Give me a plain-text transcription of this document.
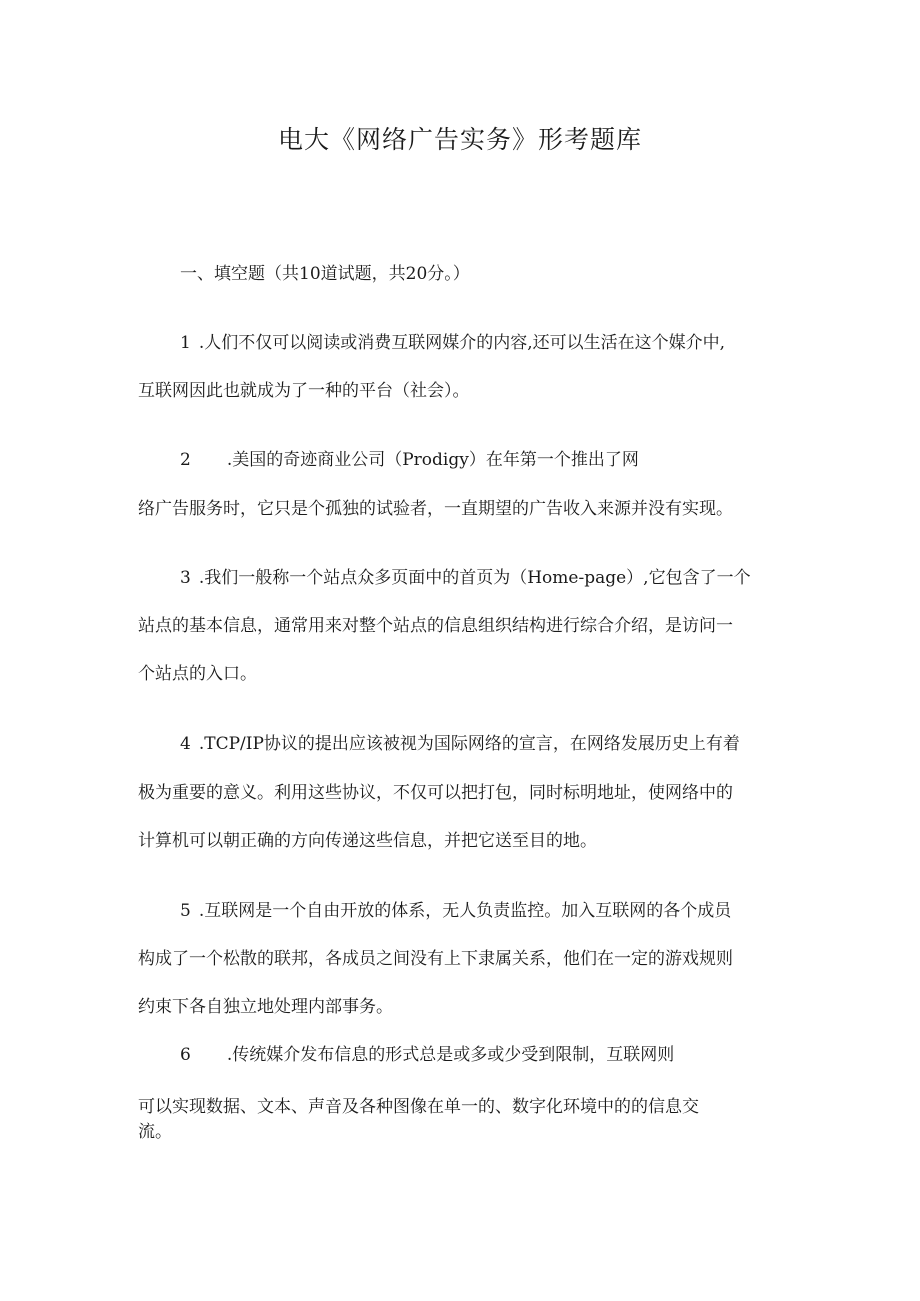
电大《网络广告实务》形考题库
一、填空题（共10道试题，共20分。）
1 .人们不仅可以阅读或消费互联网媒介的内容,还可以生活在这个媒介中,
互联网因此也就成为了一种的平台（社会）。
2 .美国的奇迹商业公司（Prodigy）在年第一个推出了网
络广告服务时，它只是个孤独的试验者，一直期望的广告收入来源并没有实现。
3 .我们一般称一个站点众多页面中的首页为（Home-page）,它包含了一个
站点的基本信息，通常用来对整个站点的信息组织结构进行综合介绍，是访问一
个站点的入口。
4 .TCP/IP协议的提出应该被视为国际网络的宣言，在网络发展历史上有着
极为重要的意义。利用这些协议，不仅可以把打包，同时标明地址，使网络中的
计算机可以朝正确的方向传递这些信息，并把它送至目的地。
5 .互联网是一个自由开放的体系，无人负责监控。加入互联网的各个成员
构成了一个松散的联邦，各成员之间没有上下隶属关系，他们在一定的游戏规则
约束下各自独立地处理内部事务。
6 .传统媒介发布信息的形式总是或多或少受到限制，互联网则
可以实现数据、文本、声音及各种图像在单一的、数字化环境中的的信息交
流。
